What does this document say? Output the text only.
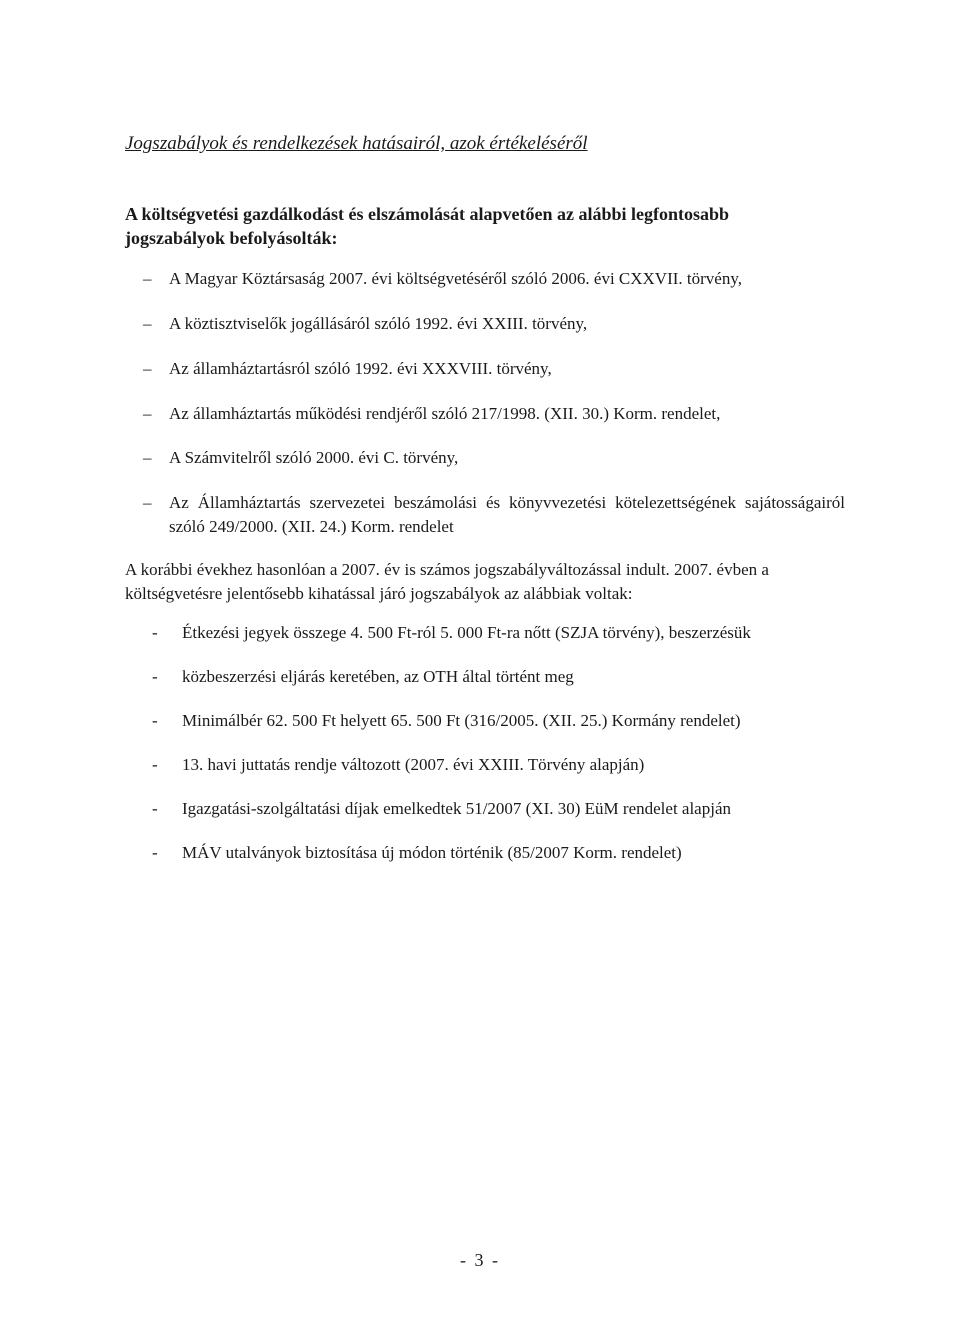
Jogszabályok és rendelkezések hatásairól, azok értékeléséről

A költségvetési gazdálkodást és elszámolását alapvetően az alábbi legfontosabb jogszabályok befolyásolták:

–	A Magyar Köztársaság 2007. évi költségvetéséről szóló 2006. évi CXXVII. törvény,
–	A köztisztviselők jogállásáról szóló 1992. évi XXIII. törvény,
–	Az államháztartásról szóló 1992. évi XXXVIII. törvény,
–	Az államháztartás működési rendjéről szóló 217/1998. (XII. 30.) Korm. rendelet,
–	A Számvitelről szóló 2000. évi C. törvény,
–	Az Államháztartás szervezetei beszámolási és könyvvezetési kötelezettségének sajátosságairól szóló 249/2000. (XII. 24.) Korm. rendelet

A korábbi évekhez hasonlóan a 2007. év is számos jogszabályváltozással indult. 2007. évben a költségvetésre jelentősebb kihatással járó jogszabályok az alábbiak voltak:

-	Étkezési jegyek összege 4. 500 Ft-ról 5. 000 Ft-ra nőtt (SZJA törvény), beszerzésük
-	közbeszerzési eljárás keretében, az OTH által történt meg
-	Minimálbér 62. 500 Ft helyett 65. 500 Ft (316/2005. (XII. 25.) Kormány rendelet)
-	13. havi juttatás rendje változott (2007. évi XXIII. Törvény alapján)
-	Igazgatási-szolgáltatási díjak emelkedtek 51/2007 (XI. 30) EüM rendelet alapján
-	MÁV utalványok biztosítása új módon történik (85/2007 Korm. rendelet)
- 3 -
